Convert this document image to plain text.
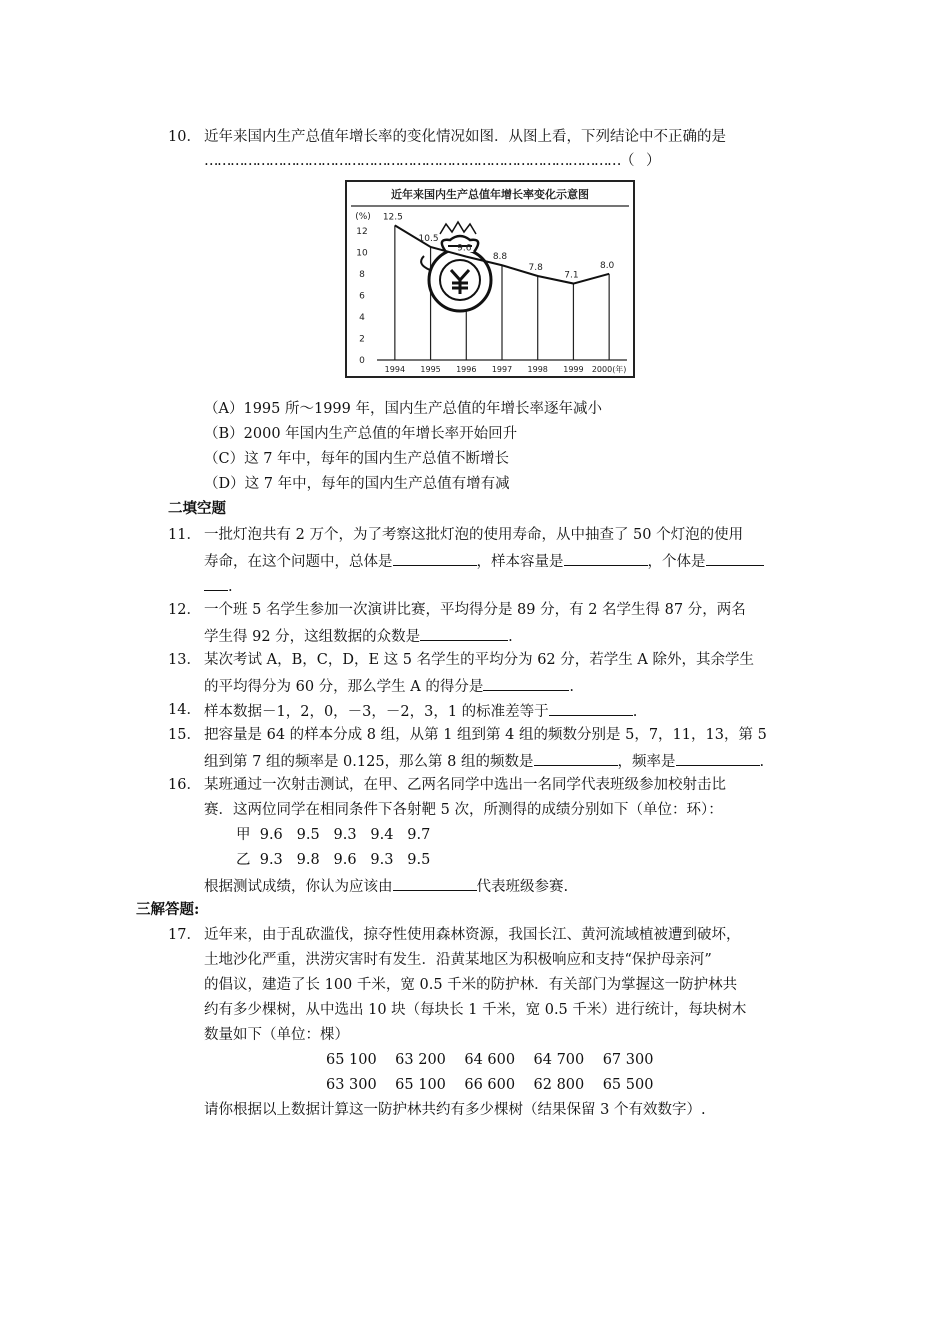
10． 近年来国内生产总值年增长率的变化情况如图．从图上看，下列结论中不正确的是
……………………………………………………………………………………（　）
近年来国内生产总值年增长率变化示意图
(%)
0
2
4
6
8
10
12
12.5
10.5
9.6
8.8
7.8
7.1
8.0
1994 1995 1996 1997 1998 1999 2000(年)
（A）1995 所～1999 年，国内生产总值的年增长率逐年减小
（B）2000 年国内生产总值的年增长率开始回升
（C）这 7 年中，每年的国内生产总值不断增长
（D）这 7 年中，每年的国内生产总值有增有减
二填空题
11． 一批灯泡共有 2 万个，为了考察这批灯泡的使用寿命，从中抽查了 50 个灯泡的使用
寿命，在这个问题中，总体是	，样本容量是	，个体是
.
12． 一个班 5 名学生参加一次演讲比赛，平均得分是 89 分，有 2 名学生得 87 分，两名
学生得 92 分，这组数据的众数是	.
13． 某次考试 A，B，C，D，E 这 5 名学生的平均分为 62 分，若学生 A 除外，其余学生
的平均得分为 60 分，那么学生 A 的得分是	.
14． 样本数据－1，2，0，－3，－2，3，1 的标准差等于	.
15． 把容量是 64 的样本分成 8 组，从第 1 组到第 4 组的频数分别是 5，7，11，13，第 5
组到第 7 组的频率是 0.125，那么第 8 组的频数是	，频率是	.
16． 某班通过一次射击测试，在甲、乙两名同学中选出一名同学代表班级参加校射击比
赛．这两位同学在相同条件下各射靶 5 次，所测得的成绩分别如下（单位：环）：
甲  9.6   9.5   9.3   9.4   9.7
乙  9.3   9.8   9.6   9.3   9.5
根据测试成绩，你认为应该由	代表班级参赛.
三解答题:
17． 近年来，由于乱砍滥伐，掠夺性使用森林资源，我国长江、黄河流域植被遭到破坏，
土地沙化严重，洪涝灾害时有发生．沿黄某地区为积极响应和支持“保护母亲河”
的倡议，建造了长 100 千米，宽 0.5 千米的防护林．有关部门为掌握这一防护林共
约有多少棵树，从中选出 10 块（每块长 1 千米，宽 0.5 千米）进行统计，每块树木
数量如下（单位：棵）
65 100    63 200    64 600    64 700    67 300
63 300    65 100    66 600    62 800    65 500
请你根据以上数据计算这一防护林共约有多少棵树（结果保留 3 个有效数字）.
